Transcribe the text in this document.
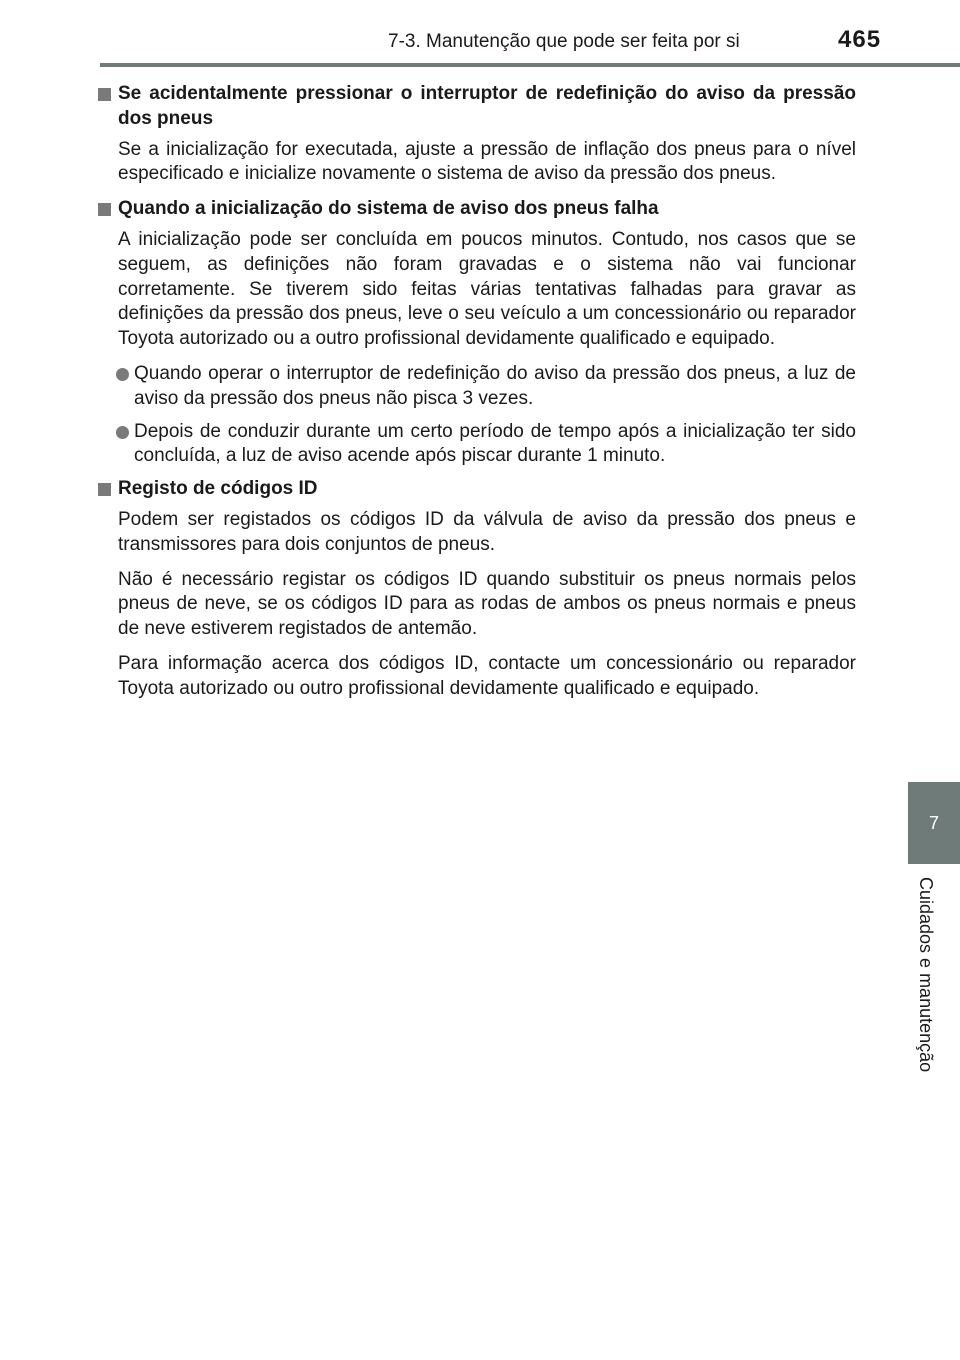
7-3. Manutenção que pode ser feita por si	465
7
Cuidados e manutenção
Se acidentalmente pressionar o interruptor de redefinição do aviso da pressão dos pneus
Se a inicialização for executada, ajuste a pressão de inflação dos pneus para o nível especificado e inicialize novamente o sistema de aviso da pressão dos pneus.
Quando a inicialização do sistema de aviso dos pneus falha
A inicialização pode ser concluída em poucos minutos. Contudo, nos casos que se seguem, as definições não foram gravadas e o sistema não vai funcionar corretamente. Se tiverem sido feitas várias tentativas falhadas para gravar as definições da pressão dos pneus, leve o seu veículo a um concessionário ou reparador Toyota autorizado ou a outro profissional devidamente qualificado e equipado.
Quando operar o interruptor de redefinição do aviso da pressão dos pneus, a luz de aviso da pressão dos pneus não pisca 3 vezes.
Depois de conduzir durante um certo período de tempo após a inicialização ter sido concluída, a luz de aviso acende após piscar durante 1 minuto.
Registo de códigos ID
Podem ser registados os códigos ID da válvula de aviso da pressão dos pneus e transmissores para dois conjuntos de pneus.
Não é necessário registar os códigos ID quando substituir os pneus normais pelos pneus de neve, se os códigos ID para as rodas de ambos os pneus normais e pneus de neve estiverem registados de antemão.
Para informação acerca dos códigos ID, contacte um concessionário ou reparador Toyota autorizado ou outro profissional devidamente qualificado e equipado.
